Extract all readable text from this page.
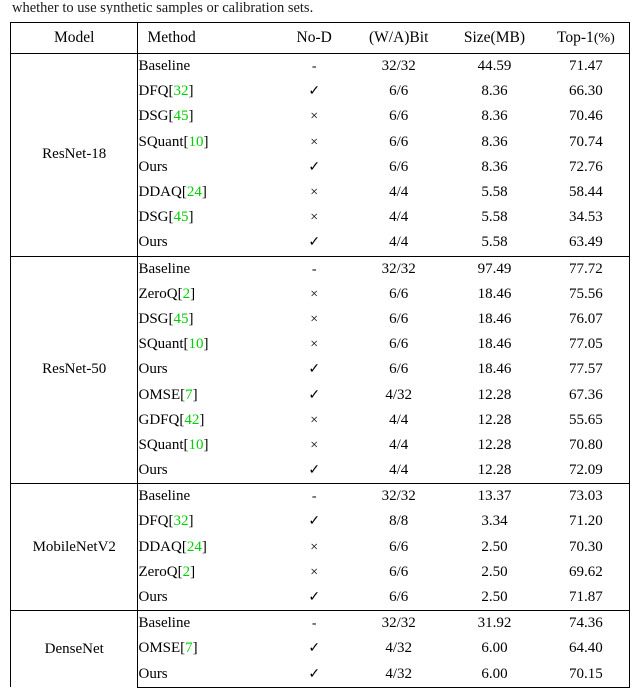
whether to use synthetic samples or calibration sets.
Model	Method	No-D	(W/A)Bit	Size(MB)	Top-1(%)
ResNet-18	Baseline	-	32/32	44.59	71.47
	DFQ[32]	✓	6/6	8.36	66.30
	DSG[45]	×	6/6	8.36	70.46
	SQuant[10]	×	6/6	8.36	70.74
	Ours	✓	6/6	8.36	72.76
	DDAQ[24]	×	4/4	5.58	58.44
	DSG[45]	×	4/4	5.58	34.53
	Ours	✓	4/4	5.58	63.49
ResNet-50	Baseline	-	32/32	97.49	77.72
	ZeroQ[2]	×	6/6	18.46	75.56
	DSG[45]	×	6/6	18.46	76.07
	SQuant[10]	×	6/6	18.46	77.05
	Ours	✓	6/6	18.46	77.57
	OMSE[7]	✓	4/32	12.28	67.36
	GDFQ[42]	×	4/4	12.28	55.65
	SQuant[10]	×	4/4	12.28	70.80
	Ours	✓	4/4	12.28	72.09
MobileNetV2	Baseline	-	32/32	13.37	73.03
	DFQ[32]	✓	8/8	3.34	71.20
	DDAQ[24]	×	6/6	2.50	70.30
	ZeroQ[2]	×	6/6	2.50	69.62
	Ours	✓	6/6	2.50	71.87
DenseNet	Baseline	-	32/32	31.92	74.36
	OMSE[7]	✓	4/32	6.00	64.40
	Ours	✓	4/32	6.00	70.15
